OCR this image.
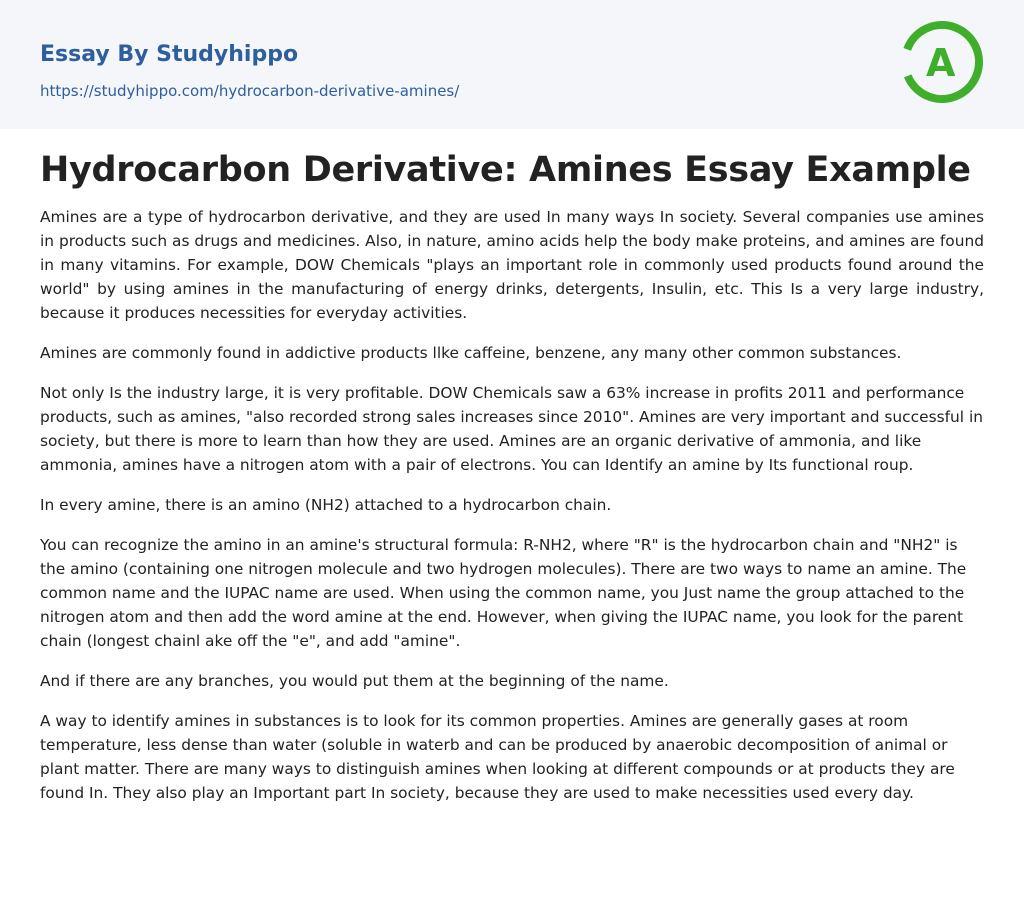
Essay By Studyhippo
https://studyhippo.com/hydrocarbon-derivative-amines/
A
Hydrocarbon Derivative: Amines Essay Example

Amines are a type of hydrocarbon derivative, and they are used In many ways In society. Several companies use amines in products such as drugs and medicines. Also, in nature, amino acids help the body make proteins, and amines are found in many vitamins. For example, DOW Chemicals "plays an important role in commonly used products found around the world" by using amines in the manufacturing of energy drinks, detergents, Insulin, etc. This Is a very large industry, because it produces necessities for everyday activities.

Amines are commonly found in addictive products llke caffeine, benzene, any many other common substances.

Not only Is the industry large, it is very profitable. DOW Chemicals saw a 63% increase in profits 2011 and performance products, such as amines, "also recorded strong sales increases since 2010". Amines are very important and successful in society, but there is more to learn than how they are used. Amines are an organic derivative of ammonia, and like ammonia, amines have a nitrogen atom with a pair of electrons. You can Identify an amine by Its functional roup.

In every amine, there is an amino (NH2) attached to a hydrocarbon chain.

You can recognize the amino in an amine's structural formula: R-NH2, where "R" is the hydrocarbon chain and "NH2" is the amino (containing one nitrogen molecule and two hydrogen molecules). There are two ways to name an amine. The common name and the IUPAC name are used. When using the common name, you Just name the group attached to the nitrogen atom and then add the word amine at the end. However, when giving the IUPAC name, you look for the parent chain (longest chainl ake off the "e", and add "amine".

And if there are any branches, you would put them at the beginning of the name.

A way to identify amines in substances is to look for its common properties. Amines are generally gases at room temperature, less dense than water (soluble in waterb and can be produced by anaerobic decomposition of animal or plant matter. There are many ways to distinguish amines when looking at different compounds or at products they are found In. They also play an Important part In society, because they are used to make necessities used every day.
